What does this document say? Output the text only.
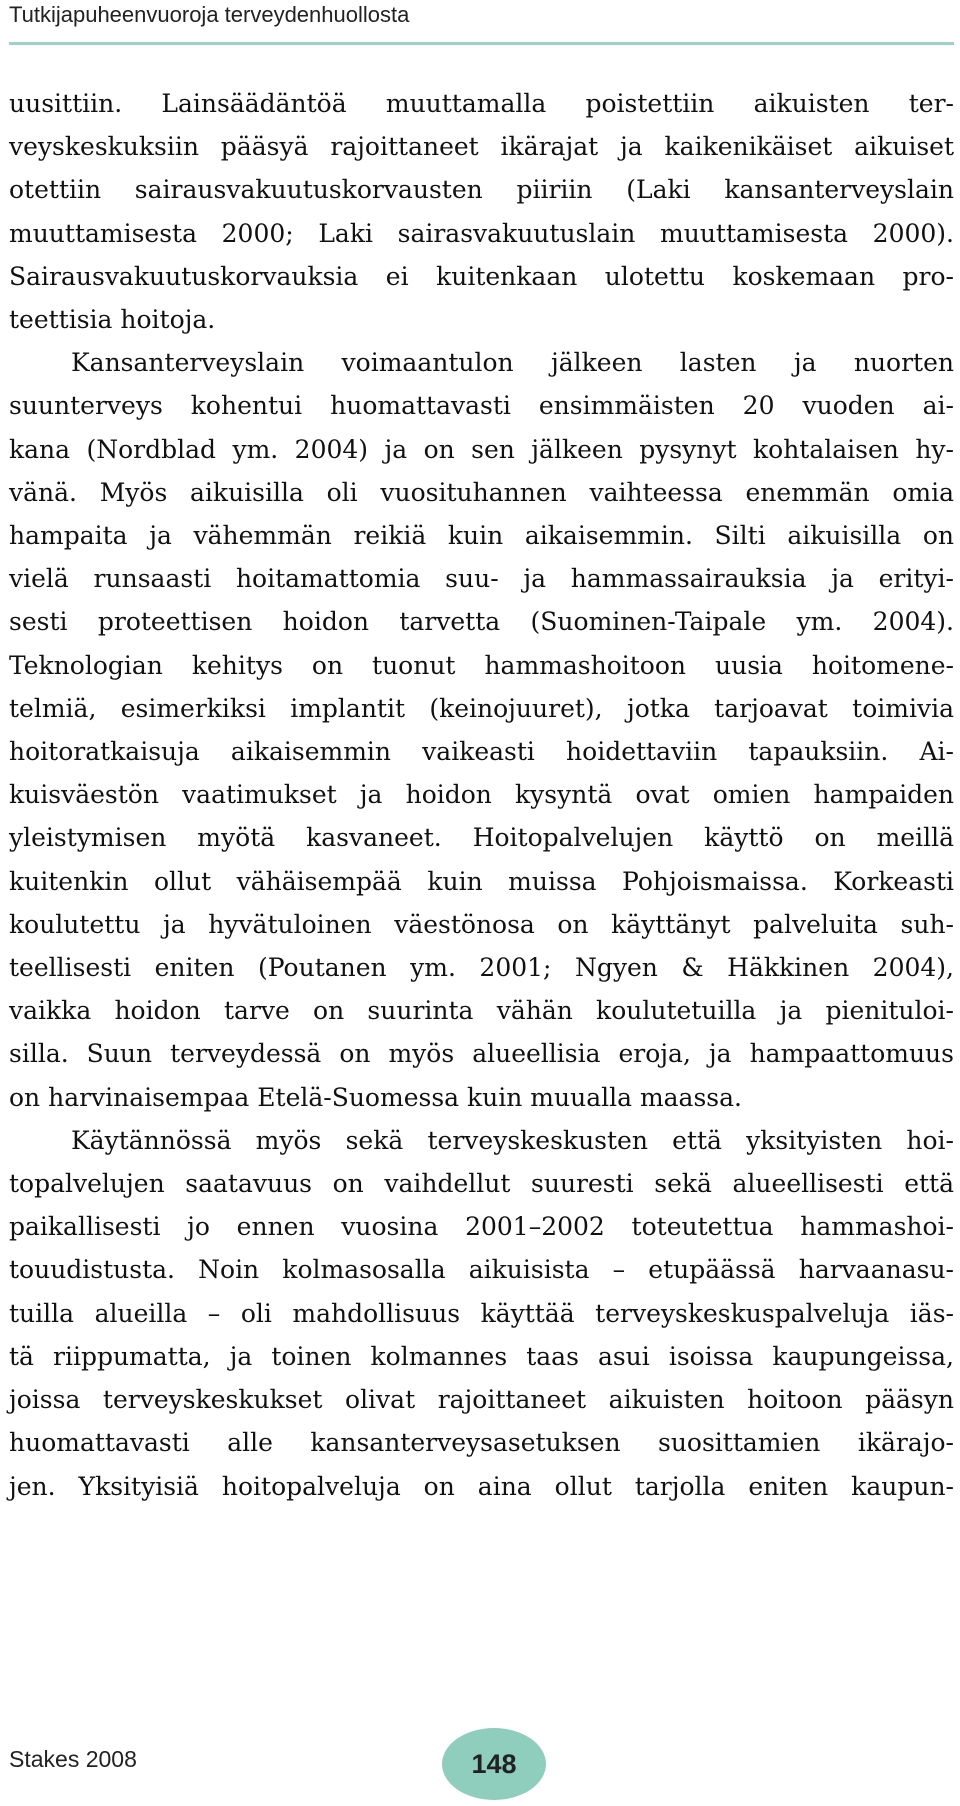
Tutkijapuheenvuoroja terveydenhuollosta
uusittiin. Lainsäädäntöä muuttamalla poistettiin aikuisten ter-
veyskeskuksiin pääsyä rajoittaneet ikärajat ja kaikenikäiset aikuiset
otettiin sairausvakuutuskorvausten piiriin (Laki kansanterveyslain
muuttamisesta 2000; Laki sairasvakuutuslain muuttamisesta 2000).
Sairausvakuutuskorvauksia ei kuitenkaan ulotettu koskemaan pro-
teettisia hoitoja.
Kansanterveyslain voimaantulon jälkeen lasten ja nuorten
suunterveys kohentui huomattavasti ensimmäisten 20 vuoden ai-
kana (Nordblad ym. 2004) ja on sen jälkeen pysynyt kohtalaisen hy-
vänä. Myös aikuisilla oli vuosituhannen vaihteessa enemmän omia
hampaita ja vähemmän reikiä kuin aikaisemmin. Silti aikuisilla on
vielä runsaasti hoitamattomia suu- ja hammassairauksia ja erityi-
sesti proteettisen hoidon tarvetta (Suominen-Taipale ym. 2004).
Teknologian kehitys on tuonut hammashoitoon uusia hoitomene-
telmiä, esimerkiksi implantit (keinojuuret), jotka tarjoavat toimivia
hoitoratkaisuja aikaisemmin vaikeasti hoidettaviin tapauksiin. Ai-
kuisväestön vaatimukset ja hoidon kysyntä ovat omien hampaiden
yleistymisen myötä kasvaneet. Hoitopalvelujen käyttö on meillä
kuitenkin ollut vähäisempää kuin muissa Pohjoismaissa. Korkeasti
koulutettu ja hyvätuloinen väestönosa on käyttänyt palveluita suh-
teellisesti eniten (Poutanen ym. 2001; Ngyen & Häkkinen 2004),
vaikka hoidon tarve on suurinta vähän koulutetuilla ja pienituloi-
silla. Suun terveydessä on myös alueellisia eroja, ja hampaattomuus
on harvinaisempaa Etelä-Suomessa kuin muualla maassa.
Käytännössä myös sekä terveyskeskusten että yksityisten hoi-
topalvelujen saatavuus on vaihdellut suuresti sekä alueellisesti että
paikallisesti jo ennen vuosina 2001–2002 toteutettua hammashoi-
touudistusta. Noin kolmasosalla aikuisista – etupäässä harvaanasu-
tuilla alueilla – oli mahdollisuus käyttää terveyskeskuspalveluja iäs-
tä riippumatta, ja toinen kolmannes taas asui isoissa kaupungeissa,
joissa terveyskeskukset olivat rajoittaneet aikuisten hoitoon pääsyn
huomattavasti alle kansanterveysasetuksen suosittamien ikärajo-
jen. Yksityisiä hoitopalveluja on aina ollut tarjolla eniten kaupun-
Stakes 2008	148
